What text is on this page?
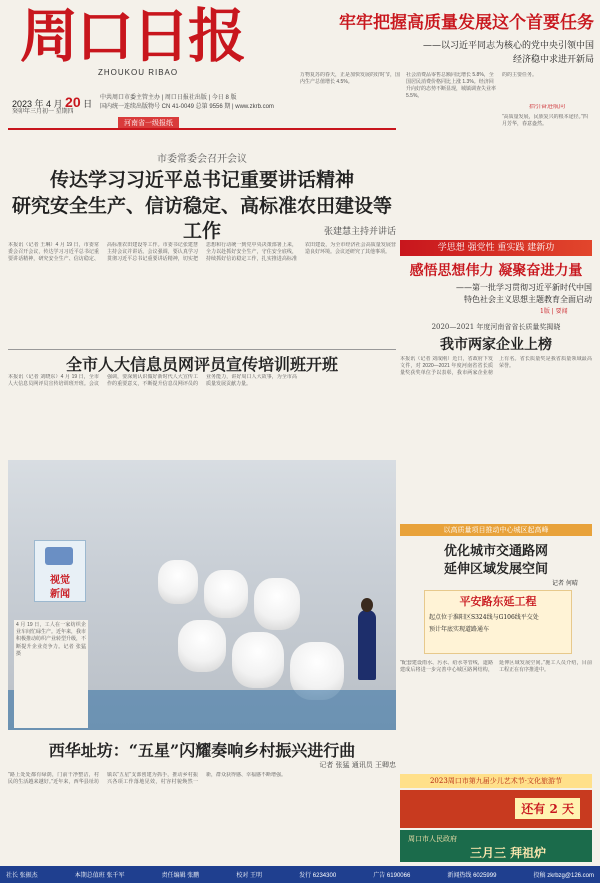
周口日报
ZHOUKOU RIBAO
2023 年 4 月 20 日
中共周口市委主管主办 | 周口日报社出版 | 今日 8 版
国内统一连续出版物号 CN 41-0049 总第 9556 期 | www.zkrb.com
癸卯年三月初一 星期四
河南省一级报纸
牢牢把握高质量发展这个首要任务
——以习近平同志为核心的党中央引领中国
经济稳中求进开新局
万物复苏的春天，正是加快发展的好时节，国内生产总值增长 4.5%。
社会消费品零售总额同比增长 5.8%，全国居民消费价格同比上涨 1.3%。经济回升向好的态势不断显现，城镇调查失业率 5.5%。
的的主要任务。
指引奋进航向
“高质量发展，民族复兴的根本途径。”四月芳华，春意盎然。
市委常委会召开会议
传达学习习近平总书记重要讲话精神
研究安全生产、信访稳定、高标准农田建设等工作	张建慧主持并讲话
本报讯（记者 王琳）4 月 19 日，市委常委会召开会议，传达学习习近平总书记重要讲话精神，研究安全生产、信访稳定、高标准农田建设等工作。市委书记张建慧主持会议并讲话。会议强调，要认真学习贯彻习近平总书记重要讲话精神，切实把思想和行动统一到党中央决策部署上来，全力以赴抓好安全生产，守住安全底线，持续抓好信访稳定工作，扎实推进高标准农田建设，为全市经济社会高质量发展营造良好环境。会议还研究了其他事项。
全市人大信息员网评员宣传培训班开班
本报讯（记者 刘晓东）4 月 19 日，全市人大信息员网评员宣传培训班开班。会议强调，要深刻认识做好新时代人大宣传工作的重要意义，不断提升信息员网评员的业务能力，讲好周口人大故事，为全市高质量发展贡献力量。
视觉
新闻
4 月 19 日，工人在一家纺织企业车间忙碌生产。近年来，我市积极推动纺织产业转型升级，不断提升企业竞争力。记者 张猛 摄
西华址坊：“五星”闪耀奏响乡村振兴进行曲
记者 张猛 通讯员 王卿忠
“路上处处都有绿荫，门前干净整洁，村民的生活越来越好。”近年来，西华县址坊镇以“五星”支部创建为抓手，推动乡村振兴各项工作落地见效，村容村貌焕然一新，群众获得感、幸福感不断增强。
学思想 强党性 重实践 建新功
感悟思想伟力 凝聚奋进力量
——第一批学习贯彻习近平新时代中国
特色社会主义思想主题教育全面启动
1版 | 要闻
2020—2021 年度河南省省长质量奖揭晓
我市两家企业上榜
本报讯（记者 刘成刚）近日，省政府下发文件，对 2020—2021 年度河南省省长质量奖获奖单位予以表彰，我市两家企业榜上有名。省长质量奖是我省质量领域最高荣誉。
以高质量项目推动中心城区起高峰
优化城市交通路网
延伸区域发展空间
记者 何晴
平安路东延工程
起点位于淮阳区S324线与G106线平交处
预计年底实现道路通车
“配套建设雨水、污水、给水等管线，道路建成后将进一步完善中心城区路网结构，延伸区域发展空间。”施工人员介绍，目前工程正在有序推进中。
2023周口市第九届少儿艺术节·文化旅游节
还有 2 天
周口市人民政府
三月三 拜祖炉
社长 张振杰	本期总值班 张千军	责任编辑 张鹏	校对 王明	发行 6234300	广告 6190066	新闻热线 6025999	投稿 zkrbzg@126.com
